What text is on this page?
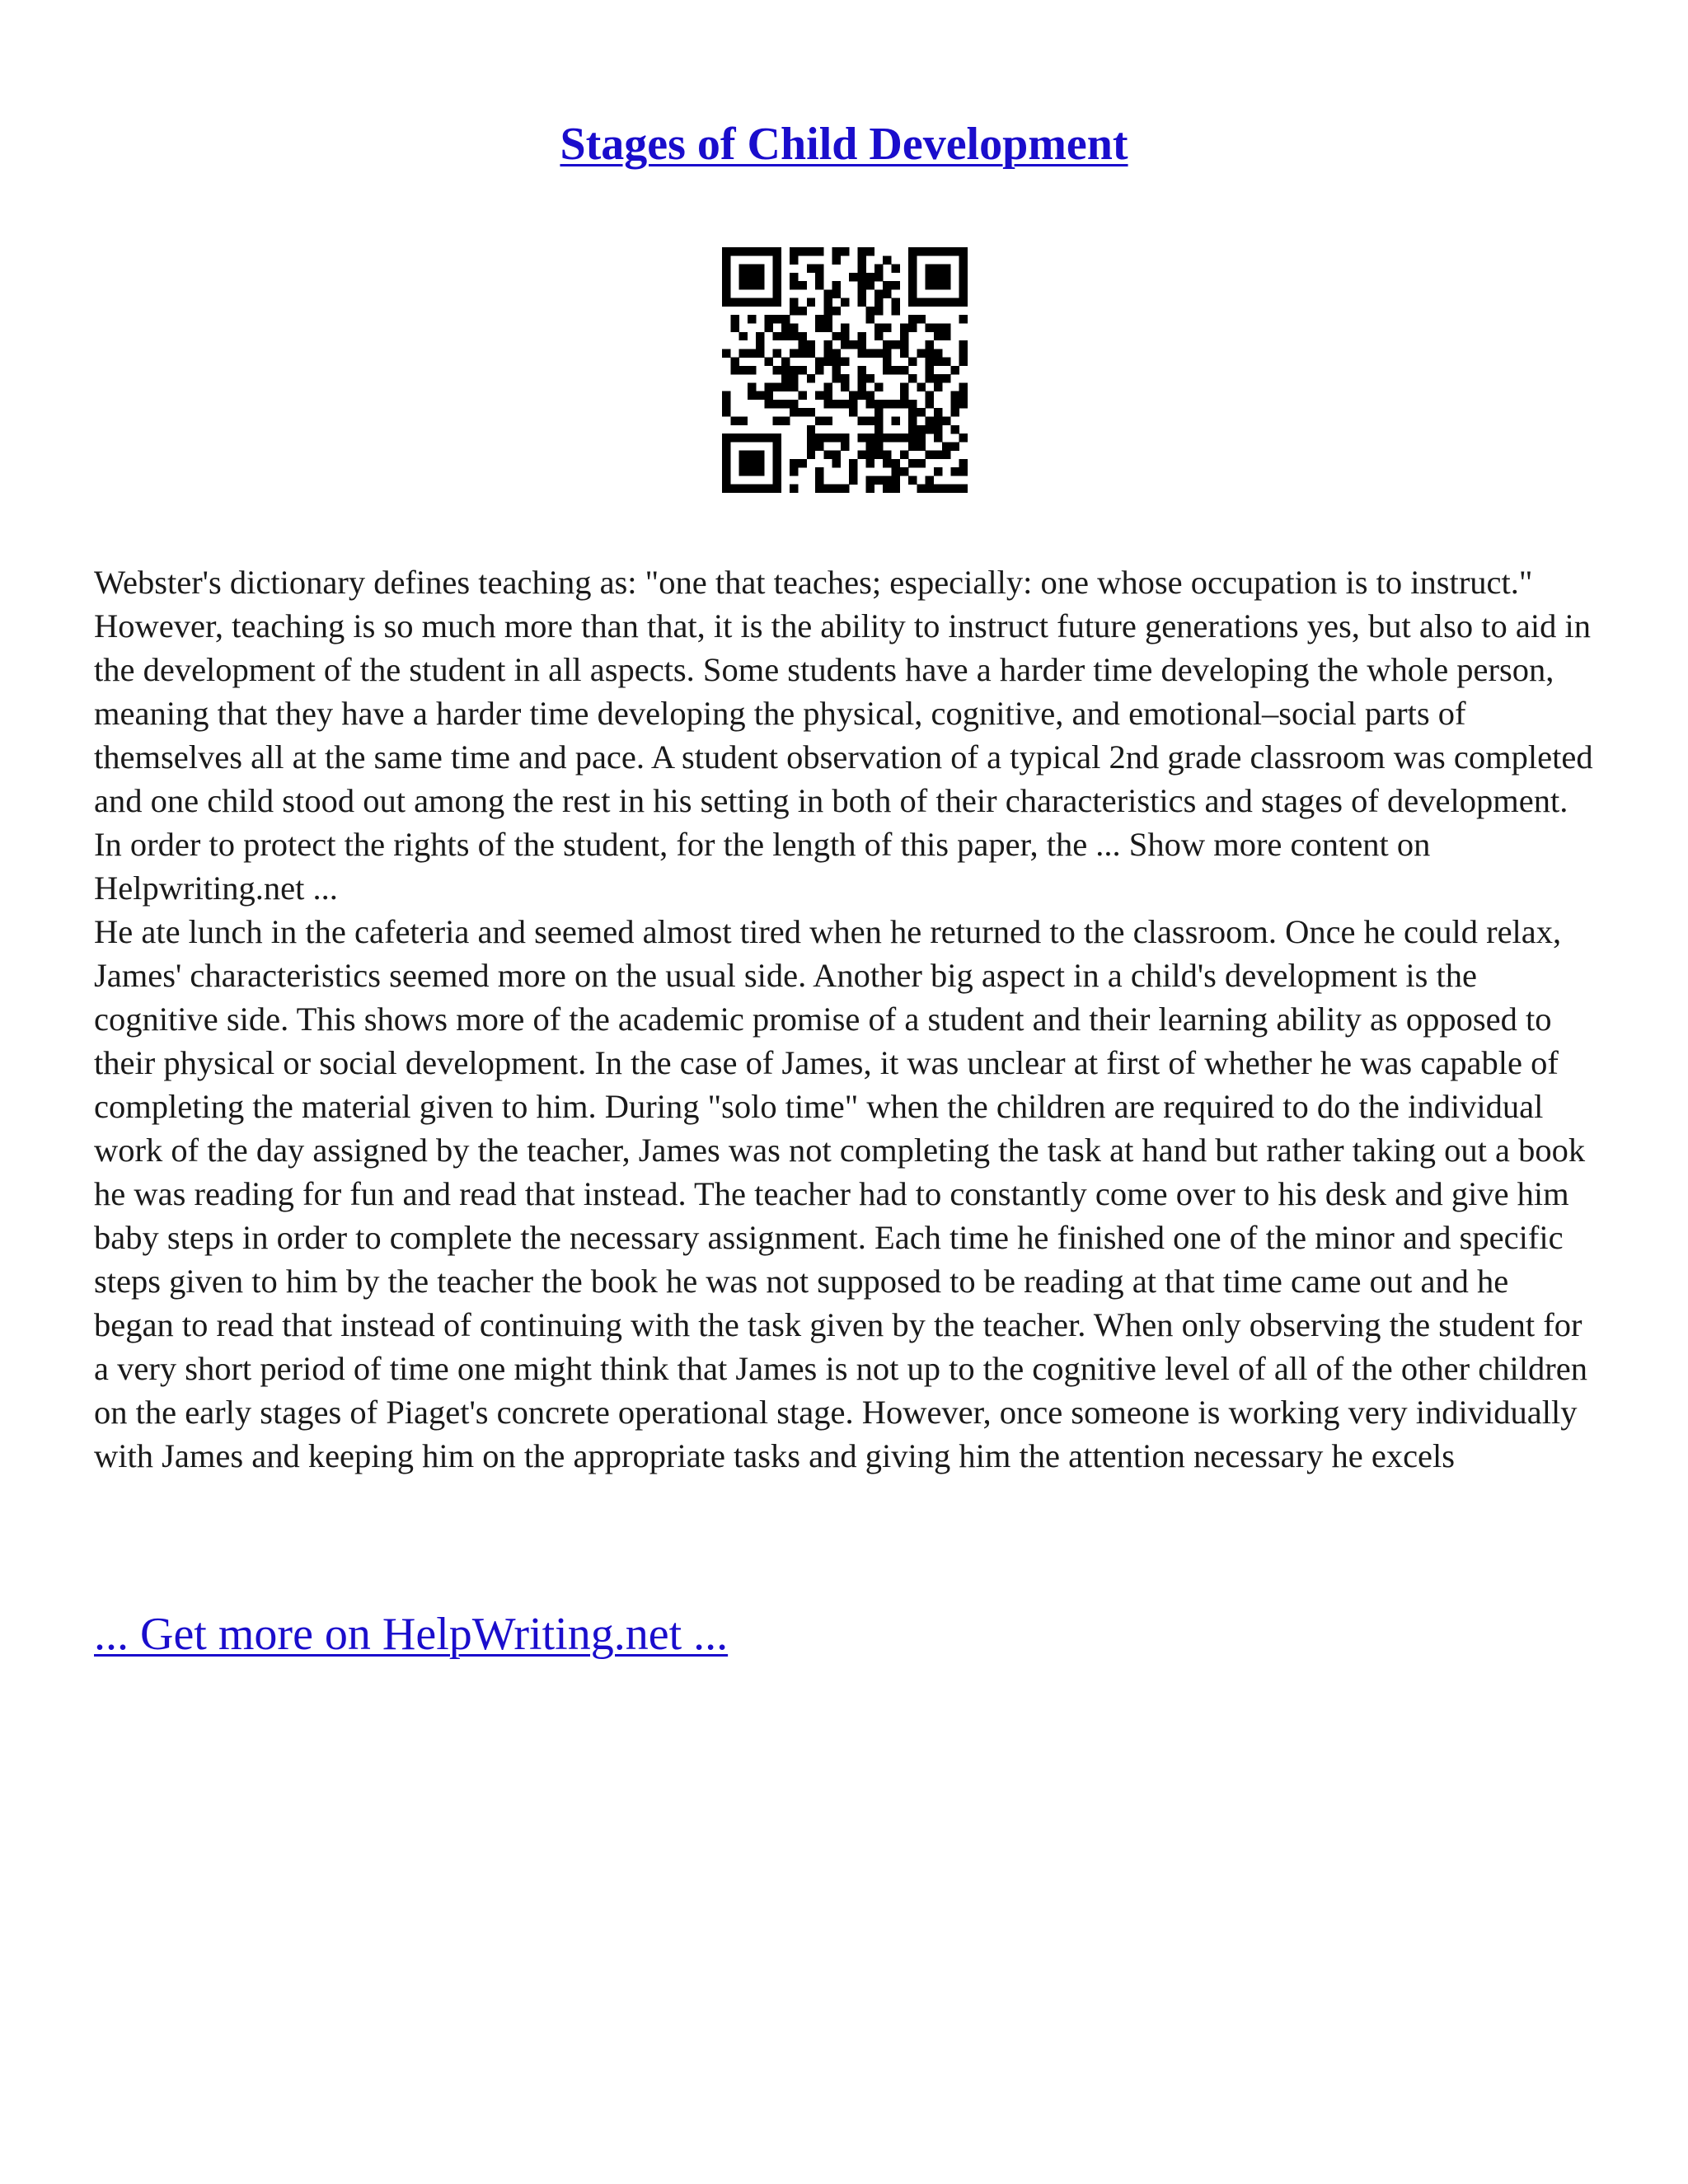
Stages of Child Development

Webster's dictionary defines teaching as: "one that teaches; especially: one whose occupation is to instruct." However, teaching is so much more than that, it is the ability to instruct future generations yes, but also to aid in the development of the student in all aspects. Some students have a harder time developing the whole person, meaning that they have a harder time developing the physical, cognitive, and emotional–social parts of themselves all at the same time and pace. A student observation of a typical 2nd grade classroom was completed and one child stood out among the rest in his setting in both of their characteristics and stages of development. In order to protect the rights of the student, for the length of this paper, the ... Show more content on Helpwriting.net ...

He ate lunch in the cafeteria and seemed almost tired when he returned to the classroom. Once he could relax, James' characteristics seemed more on the usual side. Another big aspect in a child's development is the cognitive side. This shows more of the academic promise of a student and their learning ability as opposed to their physical or social development. In the case of James, it was unclear at first of whether he was capable of completing the material given to him. During "solo time" when the children are required to do the individual work of the day assigned by the teacher, James was not completing the task at hand but rather taking out a book he was reading for fun and read that instead. The teacher had to constantly come over to his desk and give him baby steps in order to complete the necessary assignment. Each time he finished one of the minor and specific steps given to him by the teacher the book he was not supposed to be reading at that time came out and he began to read that instead of continuing with the task given by the teacher. When only observing the student for a very short period of time one might think that James is not up to the cognitive level of all of the other children on the early stages of Piaget's concrete operational stage. However, once someone is working very individually with James and keeping him on the appropriate tasks and giving him the attention necessary he excels

... Get more on HelpWriting.net ...
